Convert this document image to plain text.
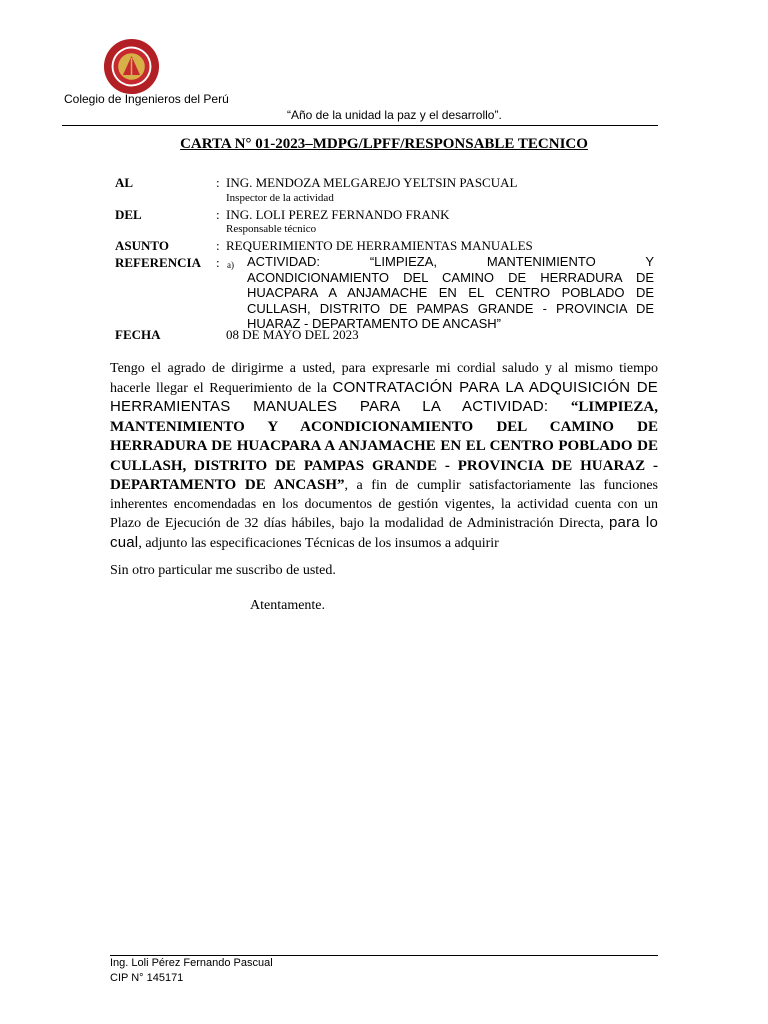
Colegio de Ingenieros del Perú
“Año de la unidad la paz y el desarrollo”.
CARTA N° 01-2023–MDPG/LPFF/RESPONSABLE TECNICO
AL	: ING. MENDOZA MELGAREJO YELTSIN PASCUAL
Inspector de la actividad
DEL	: ING. LOLI PEREZ FERNANDO FRANK
Responsable técnico
ASUNTO	: REQUERIMIENTO DE HERRAMIENTAS MANUALES
REFERENCIA : a) ACTIVIDAD: “LIMPIEZA, MANTENIMIENTO Y ACONDICIONAMIENTO DEL CAMINO DE HERRADURA DE HUACPARA A ANJAMACHE EN EL CENTRO POBLADO DE CULLASH, DISTRITO DE PAMPAS GRANDE - PROVINCIA DE HUARAZ - DEPARTAMENTO DE ANCASH”
FECHA	08 DE MAYO DEL 2023
Tengo el agrado de dirigirme a usted, para expresarle mi cordial saludo y al mismo tiempo hacerle llegar el Requerimiento de la CONTRATACIÓN PARA LA ADQUISICIÓN DE HERRAMIENTAS MANUALES PARA LA ACTIVIDAD: “LIMPIEZA, MANTENIMIENTO Y ACONDICIONAMIENTO DEL CAMINO DE HERRADURA DE HUACPARA A ANJAMACHE EN EL CENTRO POBLADO DE CULLASH, DISTRITO DE PAMPAS GRANDE - PROVINCIA DE HUARAZ - DEPARTAMENTO DE ANCASH”, a fin de cumplir satisfactoriamente las funciones inherentes encomendadas en los documentos de gestión vigentes, la actividad cuenta con un Plazo de Ejecución de 32 días hábiles, bajo la modalidad de Administración Directa, para lo cual, adjunto las especificaciones Técnicas de los insumos a adquirir
Sin otro particular me suscribo de usted.
Atentamente.
Ing. Loli Pérez Fernando Pascual
CIP N° 145171
